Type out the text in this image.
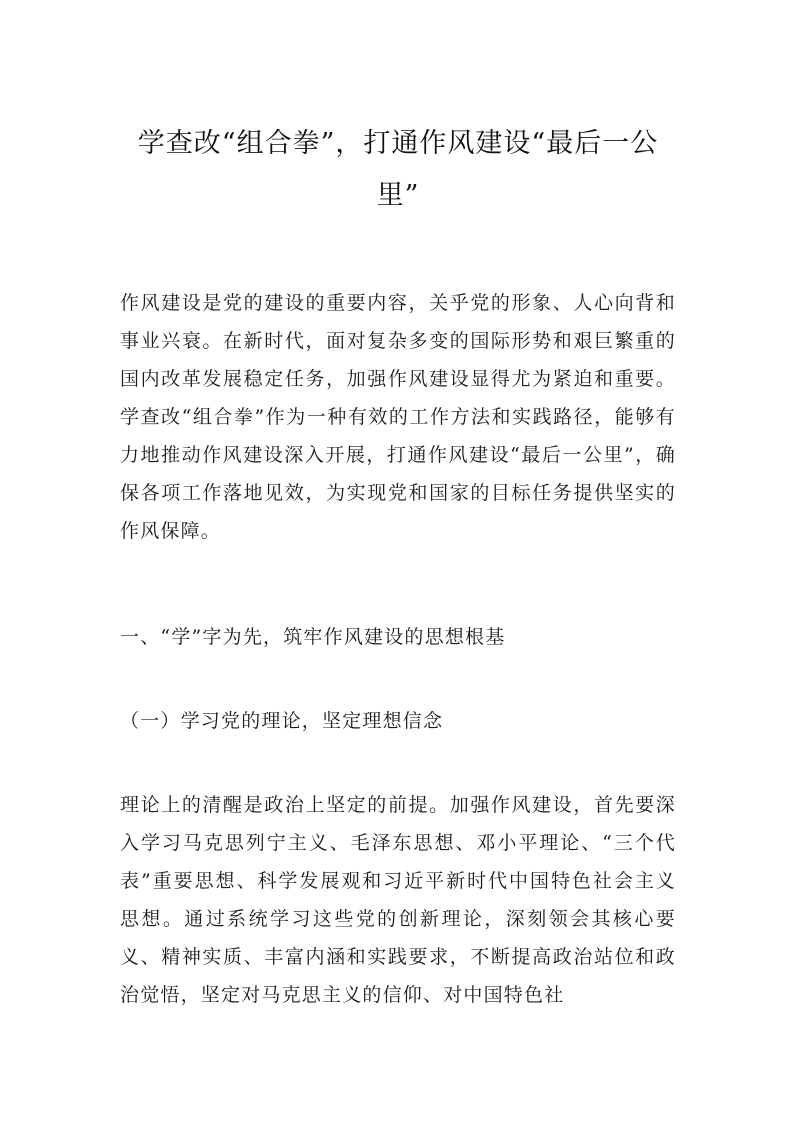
学查改“组合拳”，打通作风建设“最后一公里”

作风建设是党的建设的重要内容，关乎党的形象、人心向背和事业兴衰。在新时代，面对复杂多变的国际形势和艰巨繁重的国内改革发展稳定任务，加强作风建设显得尤为紧迫和重要。学查改“组合拳”作为一种有效的工作方法和实践路径，能够有力地推动作风建设深入开展，打通作风建设“最后一公里”，确保各项工作落地见效，为实现党和国家的目标任务提供坚实的作风保障。

一、“学”字为先，筑牢作风建设的思想根基

（一）学习党的理论，坚定理想信念

理论上的清醒是政治上坚定的前提。加强作风建设，首先要深入学习马克思列宁主义、毛泽东思想、邓小平理论、“三个代表”重要思想、科学发展观和习近平新时代中国特色社会主义思想。通过系统学习这些党的创新理论，深刻领会其核心要义、精神实质、丰富内涵和实践要求，不断提高政治站位和政治觉悟，坚定对马克思主义的信仰、对中国特色社
